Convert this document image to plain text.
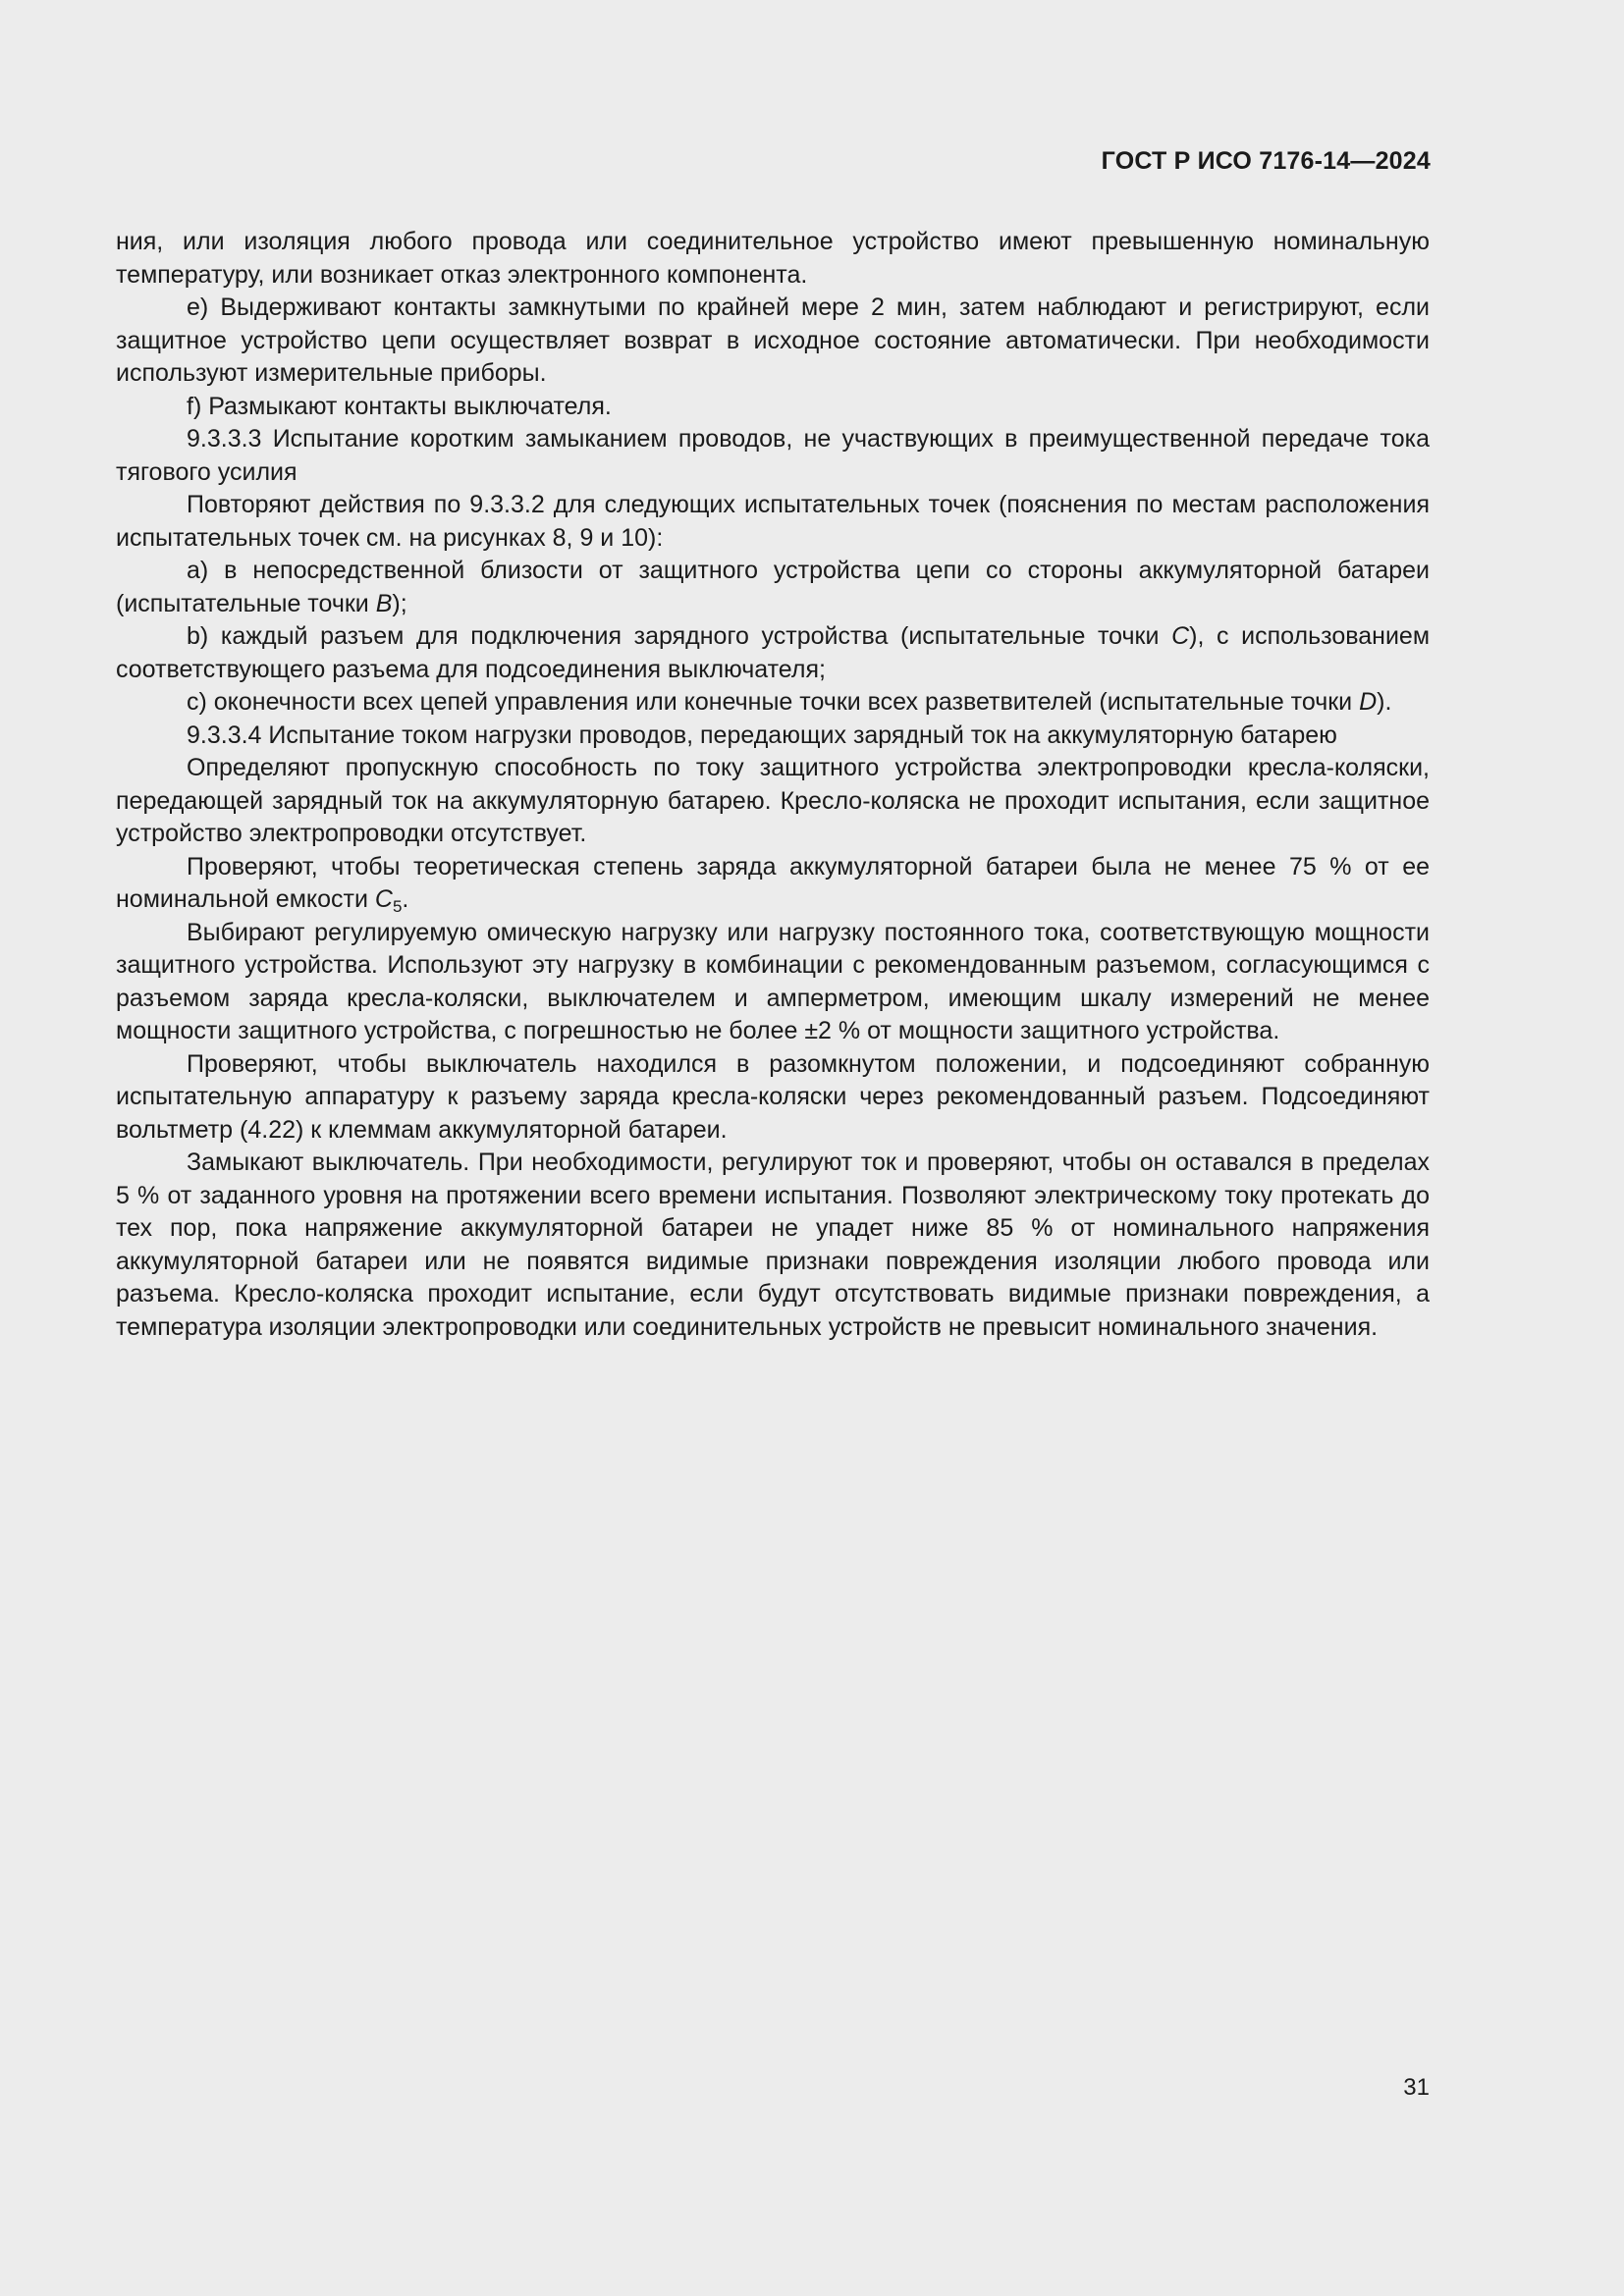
ГОСТ Р ИСО 7176-14—2024

ния, или изоляция любого провода или соединительное устройство имеют превышенную номинальную температуру, или возникает отказ электронного компонента.

е) Выдерживают контакты замкнутыми по крайней мере 2 мин, затем наблюдают и регистрируют, если защитное устройство цепи осуществляет возврат в исходное состояние автоматически. При необходимости используют измерительные приборы.

f) Размыкают контакты выключателя.

9.3.3.3 Испытание коротким замыканием проводов, не участвующих в преимущественной передаче тока тягового усилия

Повторяют действия по 9.3.3.2 для следующих испытательных точек (пояснения по местам расположения испытательных точек см. на рисунках 8, 9 и 10):

a) в непосредственной близости от защитного устройства цепи со стороны аккумуляторной батареи (испытательные точки B);

b) каждый разъем для подключения зарядного устройства (испытательные точки C), с использованием соответствующего разъема для подсоединения выключателя;

c) оконечности всех цепей управления или конечные точки всех разветвителей (испытательные точки D).

9.3.3.4 Испытание током нагрузки проводов, передающих зарядный ток на аккумуляторную батарею

Определяют пропускную способность по току защитного устройства электропроводки кресла-коляски, передающей зарядный ток на аккумуляторную батарею. Кресло-коляска не проходит испытания, если защитное устройство электропроводки отсутствует.

Проверяют, чтобы теоретическая степень заряда аккумуляторной батареи была не менее 75 % от ее номинальной емкости $C_5$.

Выбирают регулируемую омическую нагрузку или нагрузку постоянного тока, соответствующую мощности защитного устройства. Используют эту нагрузку в комбинации с рекомендованным разъемом, согласующимся с разъемом заряда кресла-коляски, выключателем и амперметром, имеющим шкалу измерений не менее мощности защитного устройства, с погрешностью не более ±2 % от мощности защитного устройства.

Проверяют, чтобы выключатель находился в разомкнутом положении, и подсоединяют собранную испытательную аппаратуру к разъему заряда кресла-коляски через рекомендованный разъем. Подсоединяют вольтметр (4.22) к клеммам аккумуляторной батареи.

Замыкают выключатель. При необходимости, регулируют ток и проверяют, чтобы он оставался в пределах 5 % от заданного уровня на протяжении всего времени испытания. Позволяют электрическому току протекать до тех пор, пока напряжение аккумуляторной батареи не упадет ниже 85 % от номинального напряжения аккумуляторной батареи или не появятся видимые признаки повреждения изоляции любого провода или разъема. Кресло-коляска проходит испытание, если будут отсутствовать видимые признаки повреждения, а температура изоляции электропроводки или соединительных устройств не превысит номинального значения.

31
